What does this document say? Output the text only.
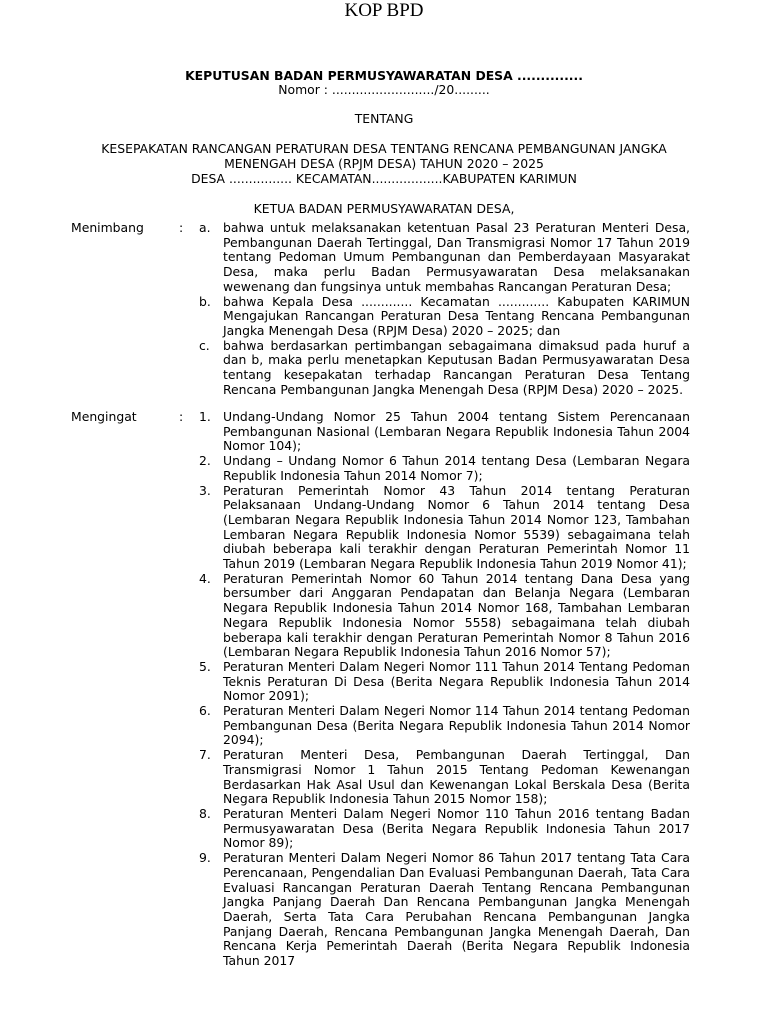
KOP BPD
KEPUTUSAN BADAN PERMUSYAWARATAN DESA ..............
Nomor : ........................../20.........
TENTANG
KESEPAKATAN RANCANGAN PERATURAN DESA TENTANG RENCANA PEMBANGUNAN JANGKA
MENENGAH DESA (RPJM DESA) TAHUN 2020 – 2025
DESA ................ KECAMATAN..................KABUPATEN KARIMUN
KETUA BADAN PERMUSYAWARATAN DESA,
Menimbang	: a. bahwa untuk melaksanakan ketentuan Pasal 23 Peraturan Menteri Desa, Pembangunan Daerah Tertinggal, Dan Transmigrasi Nomor 17 Tahun 2019 tentang Pedoman Umum Pembangunan dan Pemberdayaan Masyarakat Desa, maka perlu Badan Permusyawaratan Desa melaksanakan wewenang dan fungsinya untuk membahas Rancangan Peraturan Desa;
b. bahwa Kepala Desa ............. Kecamatan ............. Kabupaten KARIMUN Mengajukan Rancangan Peraturan Desa Tentang Rencana Pembangunan Jangka Menengah Desa (RPJM Desa) 2020 – 2025; dan
c. bahwa berdasarkan pertimbangan sebagaimana dimaksud pada huruf a dan b, maka perlu menetapkan Keputusan Badan Permusyawaratan Desa tentang kesepakatan terhadap Rancangan Peraturan Desa Tentang Rencana Pembangunan Jangka Menengah Desa (RPJM Desa) 2020 – 2025.
Mengingat	: 1. Undang-Undang Nomor 25 Tahun 2004 tentang Sistem Perencanaan Pembangunan Nasional (Lembaran Negara Republik Indonesia Tahun 2004 Nomor 104);
2. Undang – Undang Nomor 6 Tahun 2014 tentang Desa (Lembaran Negara Republik Indonesia Tahun 2014 Nomor 7);
3. Peraturan Pemerintah Nomor 43 Tahun 2014 tentang Peraturan Pelaksanaan Undang-Undang Nomor 6 Tahun 2014 tentang Desa (Lembaran Negara Republik Indonesia Tahun 2014 Nomor 123, Tambahan Lembaran Negara Republik Indonesia Nomor 5539) sebagaimana telah diubah beberapa kali terakhir dengan Peraturan Pemerintah Nomor 11 Tahun 2019 (Lembaran Negara Republik Indonesia Tahun 2019 Nomor 41);
4. Peraturan Pemerintah Nomor 60 Tahun 2014 tentang Dana Desa yang bersumber dari Anggaran Pendapatan dan Belanja Negara (Lembaran Negara Republik Indonesia Tahun 2014 Nomor 168, Tambahan Lembaran Negara Republik Indonesia Nomor 5558) sebagaimana telah diubah beberapa kali terakhir dengan Peraturan Pemerintah Nomor 8 Tahun 2016 (Lembaran Negara Republik Indonesia Tahun 2016 Nomor 57);
5. Peraturan Menteri Dalam Negeri Nomor 111 Tahun 2014 Tentang Pedoman Teknis Peraturan Di Desa (Berita Negara Republik Indonesia Tahun 2014 Nomor 2091);
6. Peraturan Menteri Dalam Negeri Nomor 114 Tahun 2014 tentang Pedoman Pembangunan Desa (Berita Negara Republik Indonesia Tahun 2014 Nomor 2094);
7. Peraturan Menteri Desa, Pembangunan Daerah Tertinggal, Dan Transmigrasi Nomor 1 Tahun 2015 Tentang Pedoman Kewenangan Berdasarkan Hak Asal Usul dan Kewenangan Lokal Berskala Desa (Berita Negara Republik Indonesia Tahun 2015 Nomor 158);
8. Peraturan Menteri Dalam Negeri Nomor 110 Tahun 2016 tentang Badan Permusyawaratan Desa (Berita Negara Republik Indonesia Tahun 2017 Nomor 89);
9. Peraturan Menteri Dalam Negeri Nomor 86 Tahun 2017 tentang Tata Cara Perencanaan, Pengendalian Dan Evaluasi Pembangunan Daerah, Tata Cara Evaluasi Rancangan Peraturan Daerah Tentang Rencana Pembangunan Jangka Panjang Daerah Dan Rencana Pembangunan Jangka Menengah Daerah, Serta Tata Cara Perubahan Rencana Pembangunan Jangka Panjang Daerah, Rencana Pembangunan Jangka Menengah Daerah, Dan Rencana Kerja Pemerintah Daerah (Berita Negara Republik Indonesia Tahun 2017
